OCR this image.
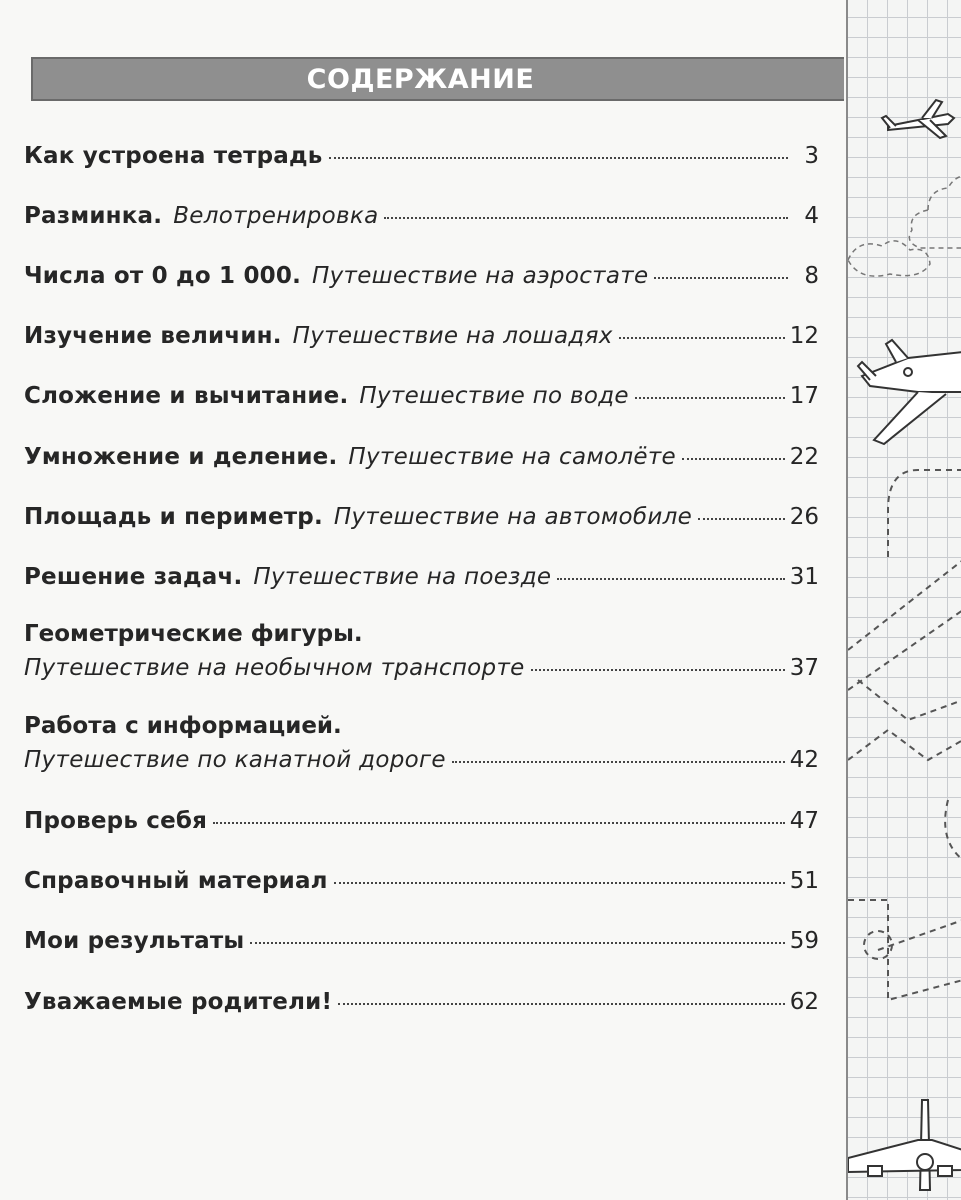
СОДЕРЖАНИЕ
Как устроена тетрадь	3
Разминка. Велотренировка	4
Числа от 0 до 1 000. Путешествие на аэростате	8
Изучение величин. Путешествие на лошадях	12
Сложение и вычитание. Путешествие по воде	17
Умножение и деление. Путешествие на самолёте	22
Площадь и периметр. Путешествие на автомобиле	26
Решение задач. Путешествие на поезде	31
Геометрические фигуры.
Путешествие на необычном транспорте	37
Работа с информацией.
Путешествие по канатной дороге	42
Проверь себя	47
Справочный материал	51
Мои результаты	59
Уважаемые родители!	62
